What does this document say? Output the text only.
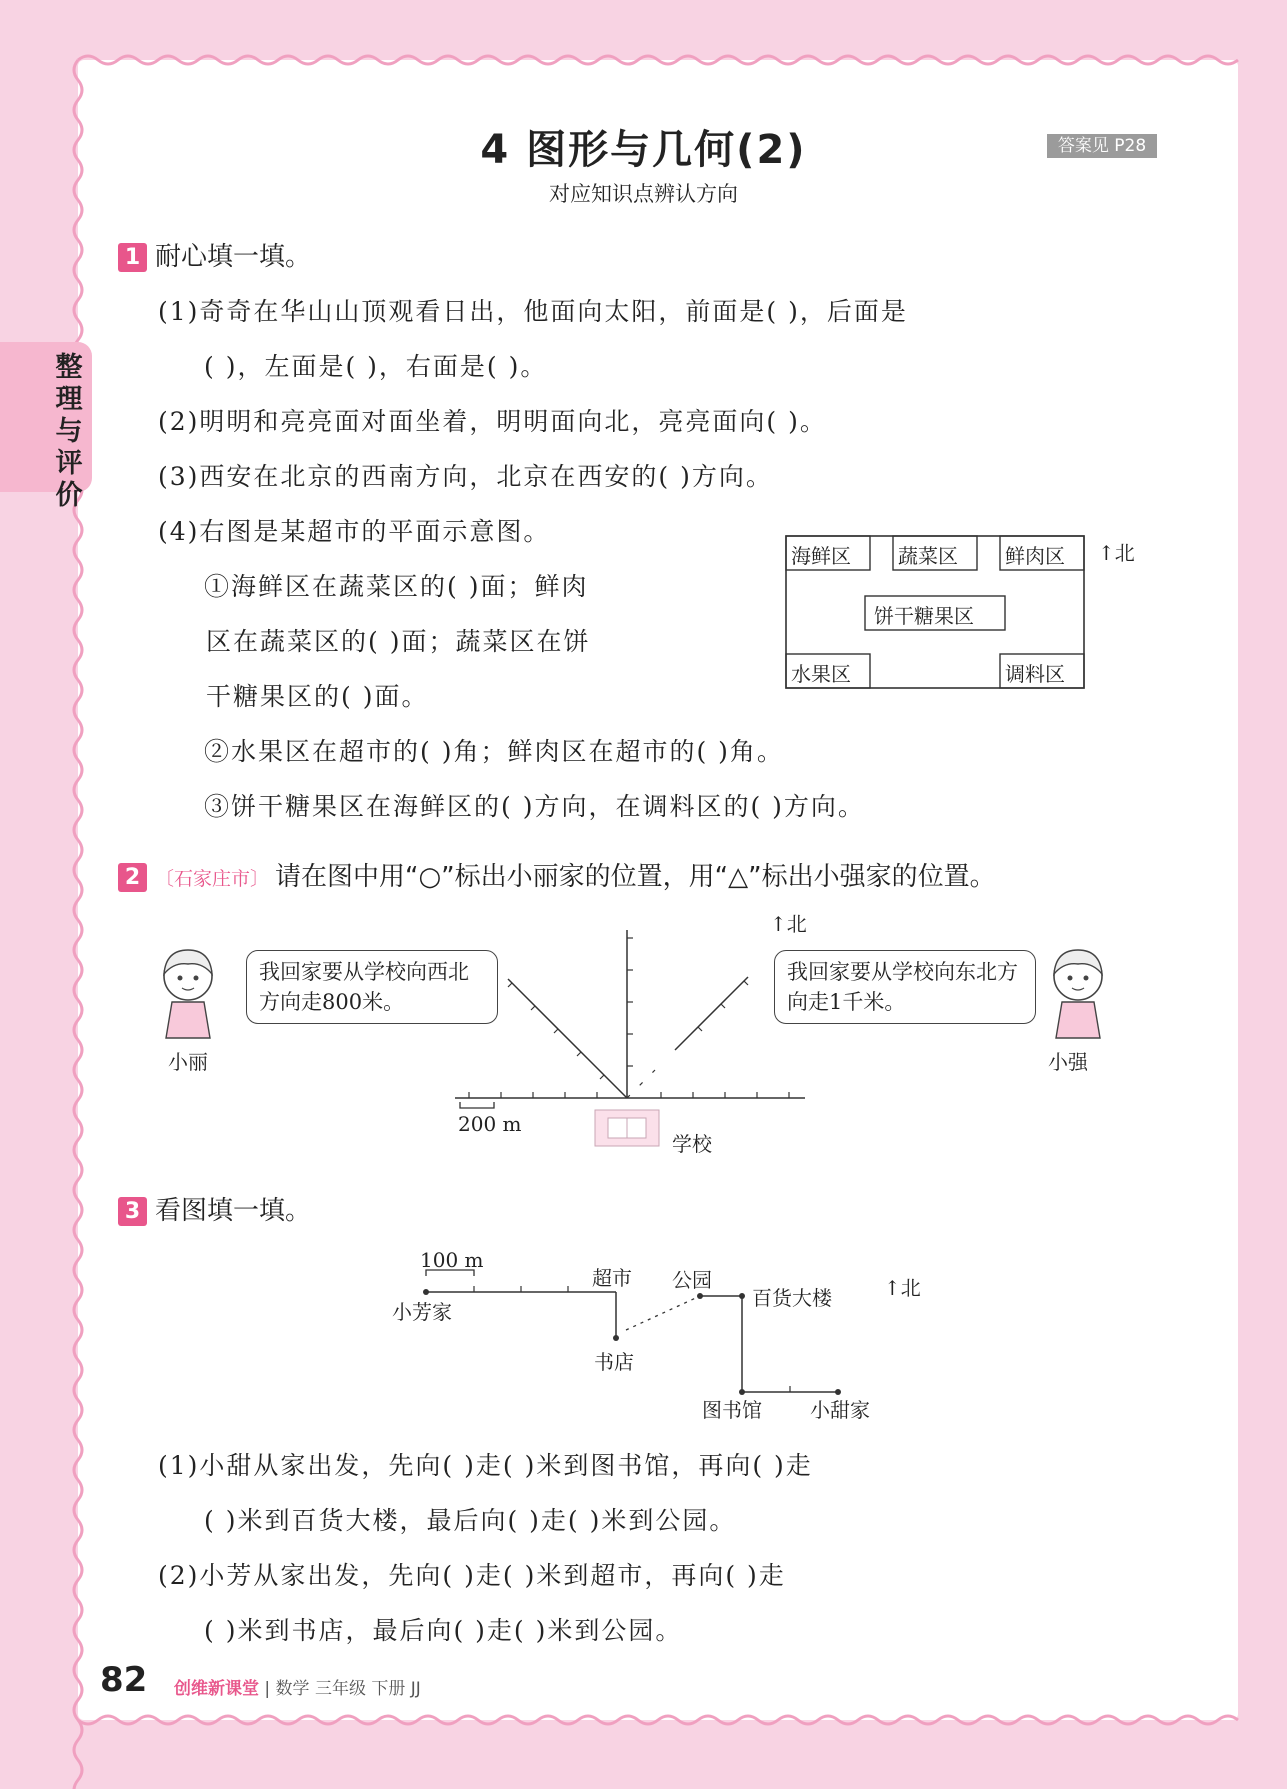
整理与评价
4 图形与几何(2)
对应知识点辨认方向
答案见 P28
1 耐心填一填。
(1)奇奇在华山山顶观看日出，他面向太阳，前面是( )，后面是
( )，左面是( )，右面是( )。
(2)明明和亮亮面对面坐着，明明面向北，亮亮面向( )。
(3)西安在北京的西南方向，北京在西安的( )方向。
(4)右图是某超市的平面示意图。
①海鲜区在蔬菜区的( )面；鲜肉
区在蔬菜区的( )面；蔬菜区在饼
干糖果区的( )面。
②水果区在超市的( )角；鲜肉区在超市的( )角。
③饼干糖果区在海鲜区的( )方向，在调料区的( )方向。
海鲜区 蔬菜区 鲜肉区
饼干糖果区
水果区	调料区
↑北
2 〔石家庄市〕 请在图中用“○”标出小丽家的位置，用“△”标出小强家的位置。
↑北
200 m
学校
我回家要从学校向西北方向走800米。
小丽
我回家要从学校向东北方向走1千米。
小强
3 看图填一填。
100 m
小芳家
超市 公园
百货大楼
书店
图书馆 小甜家
↑北
(1)小甜从家出发，先向( )走( )米到图书馆，再向( )走
( )米到百货大楼，最后向( )走( )米到公园。
(2)小芳从家出发，先向( )走( )米到超市，再向( )走
( )米到书店，最后向( )走( )米到公园。
82 创维新课堂 | 数学 三年级 下册 JJ
